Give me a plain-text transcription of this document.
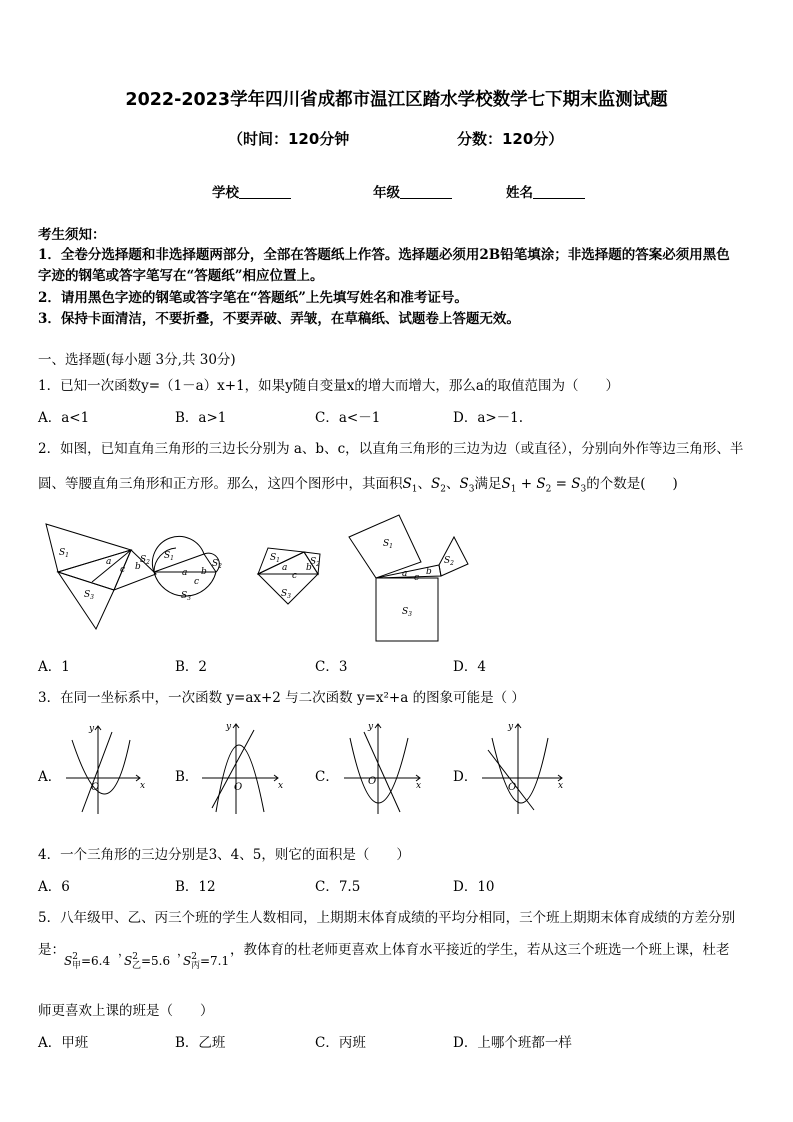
2022-2023学年四川省成都市温江区踏水学校数学七下期末监测试题
（时间：120分钟	分数：120分）
学校	年级	姓名
考生须知：
1．全卷分选择题和非选择题两部分，全部在答题纸上作答。选择题必须用2B铅笔填涂；非选择题的答案必须用黑色
字迹的钢笔或答字笔写在“答题纸”相应位置上。
2．请用黑色字迹的钢笔或答字笔在“答题纸”上先填写姓名和准考证号。
3．保持卡面清洁，不要折叠，不要弄破、弄皱，在草稿纸、试题卷上答题无效。
一、选择题(每小题 3分,共 30分)
1．已知一次函数y=（1－a）x+1，如果y随自变量x的增大而增大，那么a的取值范围为（　　）
A．a<1	B．a>1	C．a<－1	D．a>－1.
2．如图，已知直角三角形的三边长分别为 a、b、c，以直角三角形的三边为边（或直径），分别向外作等边三角形、半
圆、等腰直角三角形和正方形。那么，这四个图形中，其面积$S_1$、$S_2$、$S_3$满足$S_1 + S_2 = S_3$的个数是(　　)
$S_1$
a
c b
$S_2$
$S_3$
$S_1$
a
c
b
$S_2$
$S_3$
$S_1$
a
c
b
$S_2$
$S_3$
$S_1$
a c
b
$S_2$
$S_3$
A．1	B．2	C．3	D．4
3．在同一坐标系中，一次函数 y=ax+2 与二次函数 y=x²+a 的图象可能是（ ）
A．	B．	C．	D．
y
x
O
y
x
O
y
x
O
y
x
O
4．一个三角形的三边分别是3、4、5，则它的面积是（　　）
A．6	B．12	C．7.5	D．10
5．八年级甲、乙、丙三个班的学生人数相同，上期期末体育成绩的平均分相同，三个班上期期末体育成绩的方差分别
是：	，教体育的杜老师更喜欢上体育水平接近的学生，若从这三个班选一个班上课，杜老
$S^2_甲=6.4$
，
$S^2_乙=5.6$
，
$S^2_丙=7.1$
师更喜欢上课的班是（　　）
A．甲班	B．乙班	C．丙班	D．上哪个班都一样
